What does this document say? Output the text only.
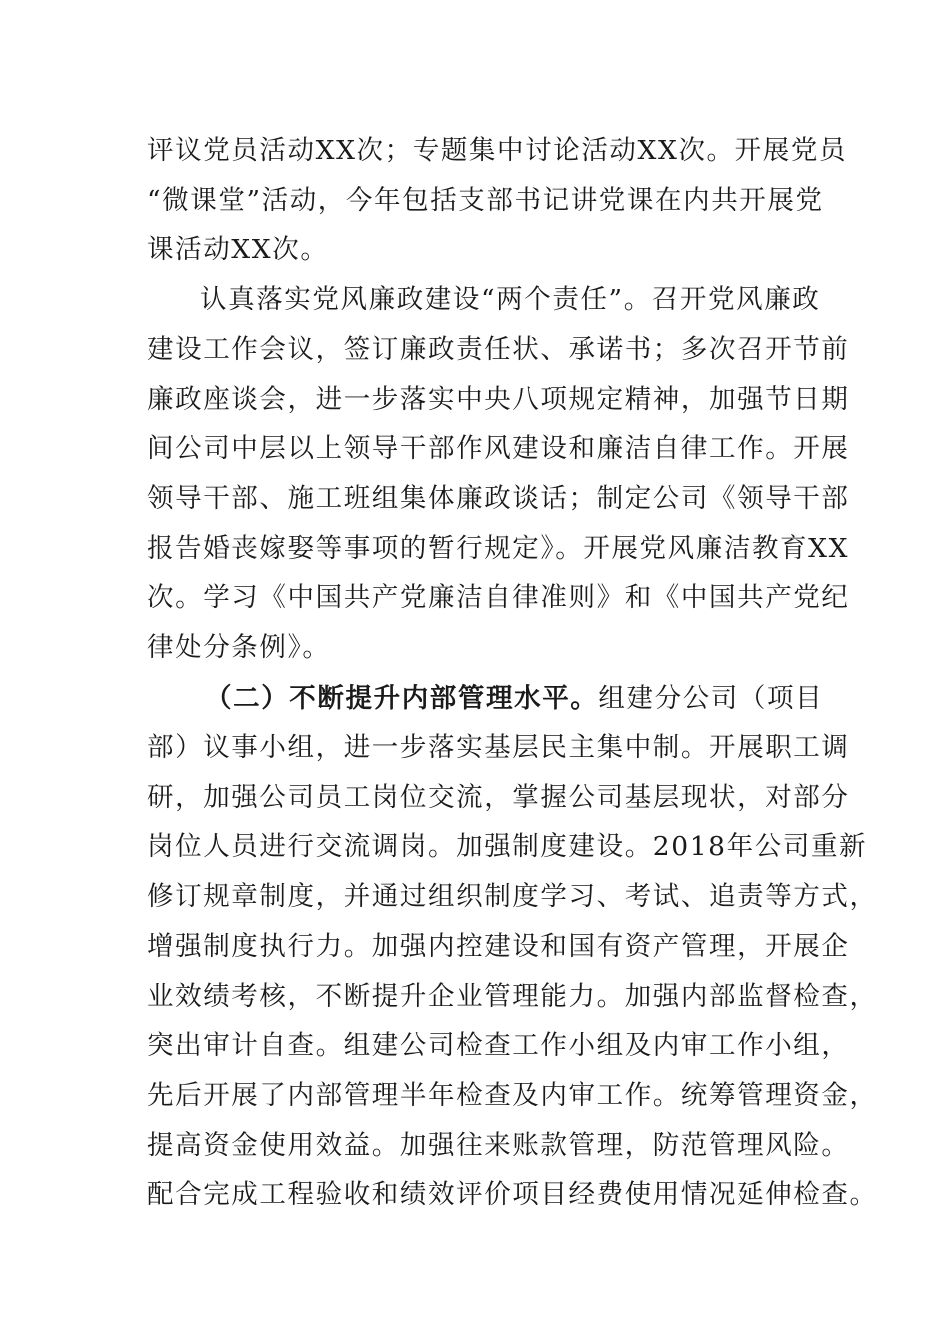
评议党员活动XX次；专题集中讨论活动XX次。开展党员
“微课堂”活动，今年包括支部书记讲党课在内共开展党
课活动XX次。
认真落实党风廉政建设“两个责任”。召开党风廉政
建设工作会议，签订廉政责任状、承诺书；多次召开节前
廉政座谈会，进一步落实中央八项规定精神，加强节日期
间公司中层以上领导干部作风建设和廉洁自律工作。开展
领导干部、施工班组集体廉政谈话；制定公司《领导干部
报告婚丧嫁娶等事项的暂行规定》。开展党风廉洁教育XX
次。学习《中国共产党廉洁自律准则》和《中国共产党纪
律处分条例》。
（二）不断提升内部管理水平。组建分公司（项目
部）议事小组，进一步落实基层民主集中制。开展职工调
研，加强公司员工岗位交流，掌握公司基层现状，对部分
岗位人员进行交流调岗。加强制度建设。2018年公司重新
修订规章制度，并通过组织制度学习、考试、追责等方式，
增强制度执行力。加强内控建设和国有资产管理，开展企
业效绩考核，不断提升企业管理能力。加强内部监督检查，
突出审计自查。组建公司检查工作小组及内审工作小组，
先后开展了内部管理半年检查及内审工作。统筹管理资金，
提高资金使用效益。加强往来账款管理，防范管理风险。
配合完成工程验收和绩效评价项目经费使用情况延伸检查。
